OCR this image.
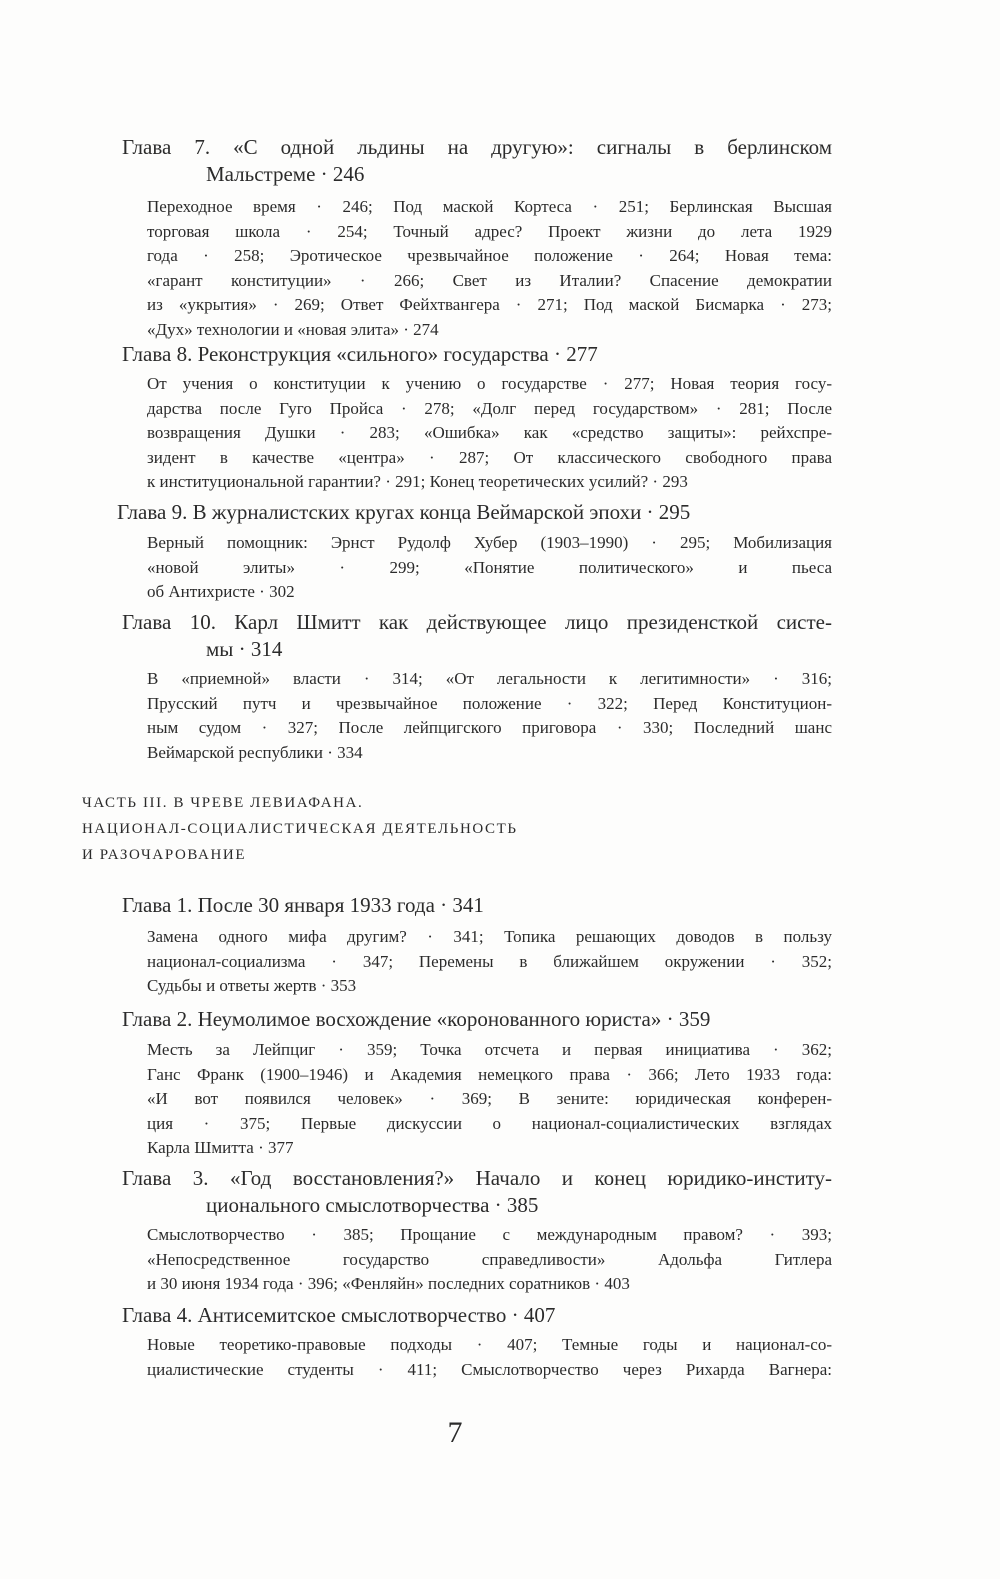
ЧАСТЬ III. В ЧРЕВЕ ЛЕВИАФАНА.
НАЦИОНАЛ-СОЦИАЛИСТИЧЕСКАЯ ДЕЯТЕЛЬНОСТЬ
И РАЗОЧАРОВАНИЕ
7
Глава 7. «С одной льдины на другую»: сигналы в берлинском
Мальстреме · 246
Переходное время · 246; Под маской Кортеса · 251; Берлинская Высшая
торговая школа · 254; Точный адрес? Проект жизни до лета 1929
года · 258; Эротическое чрезвычайное положение · 264; Новая тема:
«гарант конституции» · 266; Свет из Италии? Спасение демократии
из «укрытия» · 269; Ответ Фейхтвангера · 271; Под маской Бисмарка · 273;
«Дух» технологии и «новая элита» · 274
Глава 8. Реконструкция «сильного» государства · 277
От учения о конституции к учению о государстве · 277; Новая теория госу-
дарства после Гуго Пройса · 278; «Долг перед государством» · 281; После
возвращения Душки · 283; «Ошибка» как «средство защиты»: рейхспре-
зидент в качестве «центра» · 287; От классического свободного права
к институциональной гарантии? · 291; Конец теоретических усилий? · 293
Глава 9. В журналистских кругах конца Веймарской эпохи · 295
Верный помощник: Эрнст Рудолф Хубер (1903–1990) · 295; Мобилизация
«новой элиты» · 299; «Понятие политического» и пьеса
об Антихристе · 302
Глава 10. Карл Шмитт как действующее лицо президенсткой систе-
мы · 314
В «приемной» власти · 314; «От легальности к легитимности» · 316;
Прусский путч и чрезвычайное положение · 322; Перед Конституцион-
ным судом · 327; После лейпцигского приговора · 330; Последний шанс
Веймарской республики · 334
Глава 1. После 30 января 1933 года · 341
Замена одного мифа другим? · 341; Топика решающих доводов в пользу
национал-социализма · 347; Перемены в ближайшем окружении · 352;
Судьбы и ответы жертв · 353
Глава 2. Неумолимое восхождение «коронованного юриста» · 359
Месть за Лейпциг · 359; Точка отсчета и первая инициатива · 362;
Ганс Франк (1900–1946) и Академия немецкого права · 366; Лето 1933 года:
«И вот появился человек» · 369; В зените: юридическая конферен-
ция · 375; Первые дискуссии о национал-социалистических взглядах
Карла Шмитта · 377
Глава 3. «Год восстановления?» Начало и конец юридико-институ-
ционального смыслотворчества · 385
Смыслотворчество · 385; Прощание с международным правом? · 393;
«Непосредственное государство справедливости» Адольфа Гитлера
и 30 июня 1934 года · 396; «Фенляйн» последних соратников · 403
Глава 4. Антисемитское смыслотворчество · 407
Новые теоретико-правовые подходы · 407; Темные годы и национал-со-
циалистические студенты · 411; Смыслотворчество через Рихарда Вагнера:
